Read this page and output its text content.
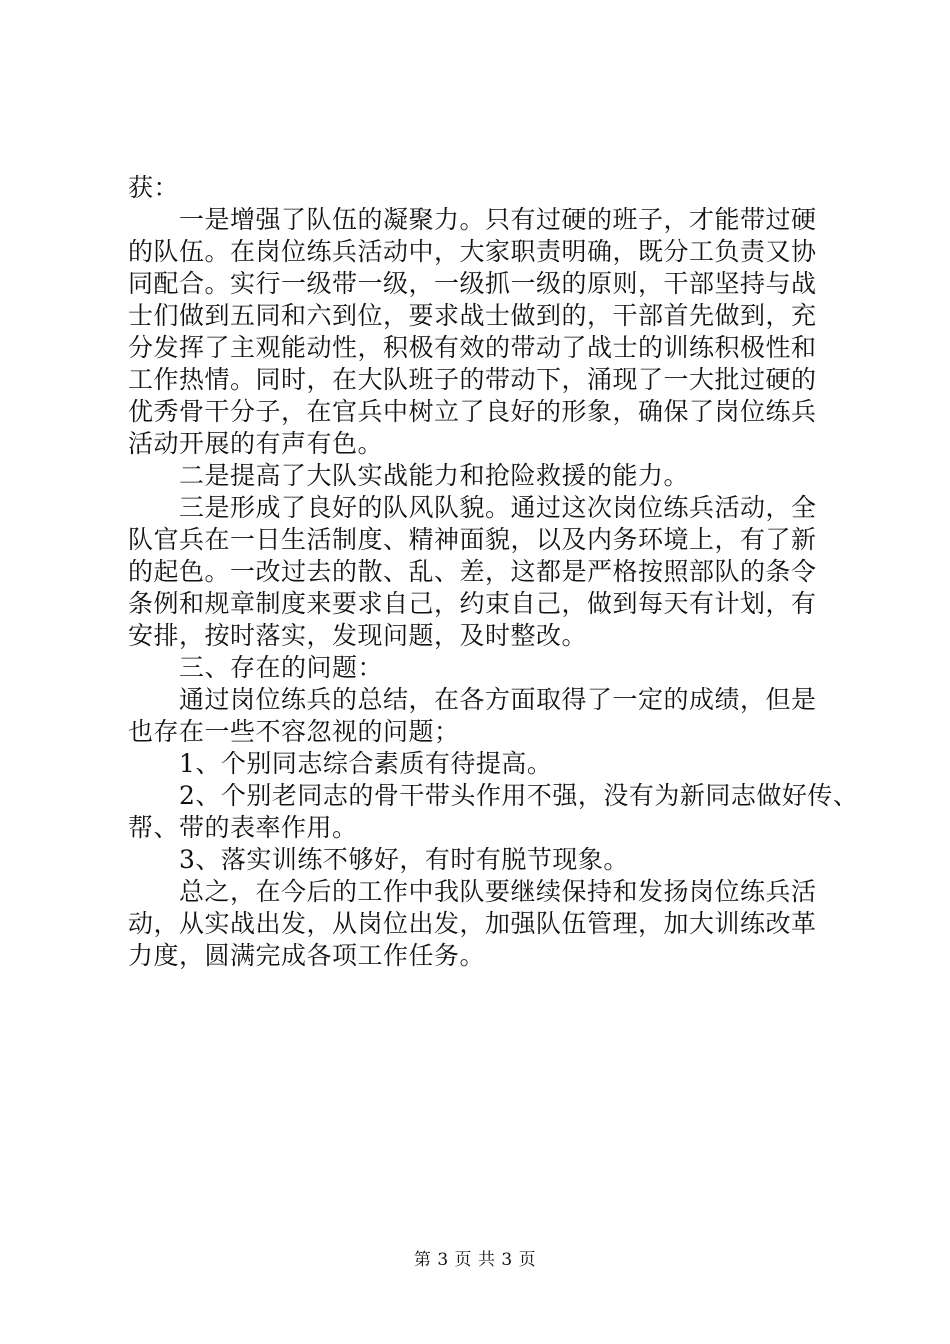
获：

一是增强了队伍的凝聚力。只有过硬的班子，才能带过硬

的队伍。在岗位练兵活动中，大家职责明确，既分工负责又协

同配合。实行一级带一级，一级抓一级的原则，干部坚持与战

士们做到五同和六到位，要求战士做到的，干部首先做到，充

分发挥了主观能动性，积极有效的带动了战士的训练积极性和

工作热情。同时，在大队班子的带动下，涌现了一大批过硬的

优秀骨干分子，在官兵中树立了良好的形象，确保了岗位练兵

活动开展的有声有色。

二是提高了大队实战能力和抢险救援的能力。

三是形成了良好的队风队貌。通过这次岗位练兵活动，全

队官兵在一日生活制度、精神面貌，以及内务环境上，有了新

的起色。一改过去的散、乱、差，这都是严格按照部队的条令

条例和规章制度来要求自己，约束自己，做到每天有计划，有

安排，按时落实，发现问题，及时整改。

三、存在的问题：

通过岗位练兵的总结，在各方面取得了一定的成绩，但是

也存在一些不容忽视的问题；

1、个别同志综合素质有待提高。

2、个别老同志的骨干带头作用不强，没有为新同志做好传、

帮、带的表率作用。

3、落实训练不够好，有时有脱节现象。

总之，在今后的工作中我队要继续保持和发扬岗位练兵活

动，从实战出发，从岗位出发，加强队伍管理，加大训练改革

力度，圆满完成各项工作任务。

第 3 页 共 3 页
